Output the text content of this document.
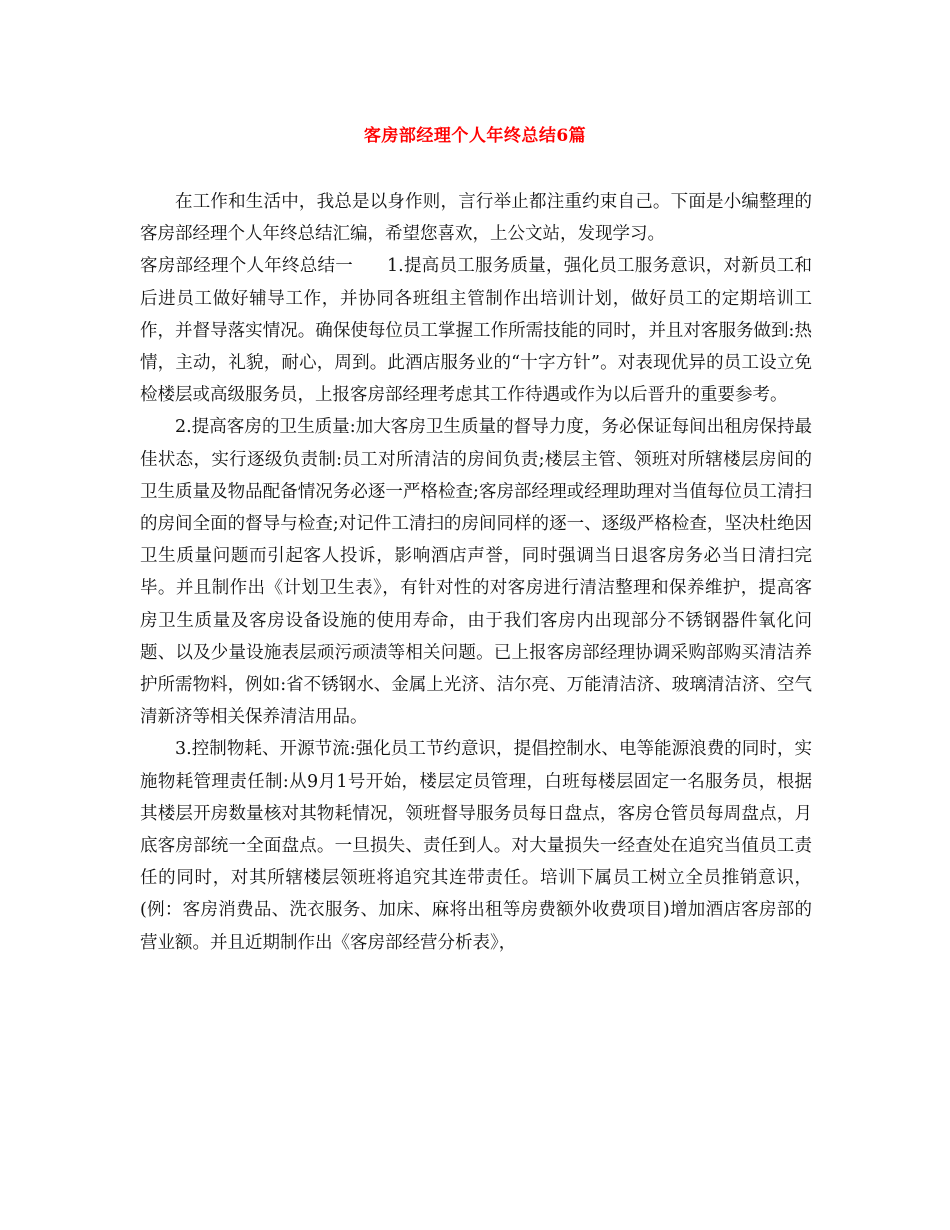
客房部经理个人年终总结6篇

在工作和生活中，我总是以身作则，言行举止都注重约束自己。下面是小编整理的客房部经理个人年终总结汇编，希望您喜欢，上公文站，发现学习。

客房部经理个人年终总结一 1.提高员工服务质量，强化员工服务意识，对新员工和后进员工做好辅导工作，并协同各班组主管制作出培训计划，做好员工的定期培训工作，并督导落实情况。确保使每位员工掌握工作所需技能的同时，并且对客服务做到:热情，主动，礼貌，耐心，周到。此酒店服务业的“十字方针”。对表现优异的员工设立免检楼层或高级服务员，上报客房部经理考虑其工作待遇或作为以后晋升的重要参考。

2.提高客房的卫生质量:加大客房卫生质量的督导力度，务必保证每间出租房保持最佳状态，实行逐级负责制:员工对所清洁的房间负责;楼层主管、领班对所辖楼层房间的卫生质量及物品配备情况务必逐一严格检查;客房部经理或经理助理对当值每位员工清扫的房间全面的督导与检查;对记件工清扫的房间同样的逐一、逐级严格检查，坚决杜绝因卫生质量问题而引起客人投诉，影响酒店声誉，同时强调当日退客房务必当日清扫完毕。并且制作出《计划卫生表》，有针对性的对客房进行清洁整理和保养维护，提高客房卫生质量及客房设备设施的使用寿命，由于我们客房内出现部分不锈钢器件氧化问题、以及少量设施表层顽污顽渍等相关问题。已上报客房部经理协调采购部购买清洁养护所需物料，例如:省不锈钢水、金属上光济、洁尔亮、万能清洁济、玻璃清洁济、空气清新济等相关保养清洁用品。

3.控制物耗、开源节流:强化员工节约意识，提倡控制水、电等能源浪费的同时，实施物耗管理责任制:从9月1号开始，楼层定员管理，白班每楼层固定一名服务员，根据其楼层开房数量核对其物耗情况，领班督导服务员每日盘点，客房仓管员每周盘点，月底客房部统一全面盘点。一旦损失、责任到人。对大量损失一经查处在追究当值员工责任的同时，对其所辖楼层领班将追究其连带责任。培训下属员工树立全员推销意识，(例：客房消费品、洗衣服务、加床、麻将出租等房费额外收费项目)增加酒店客房部的营业额。并且近期制作出《客房部经营分析表》，
